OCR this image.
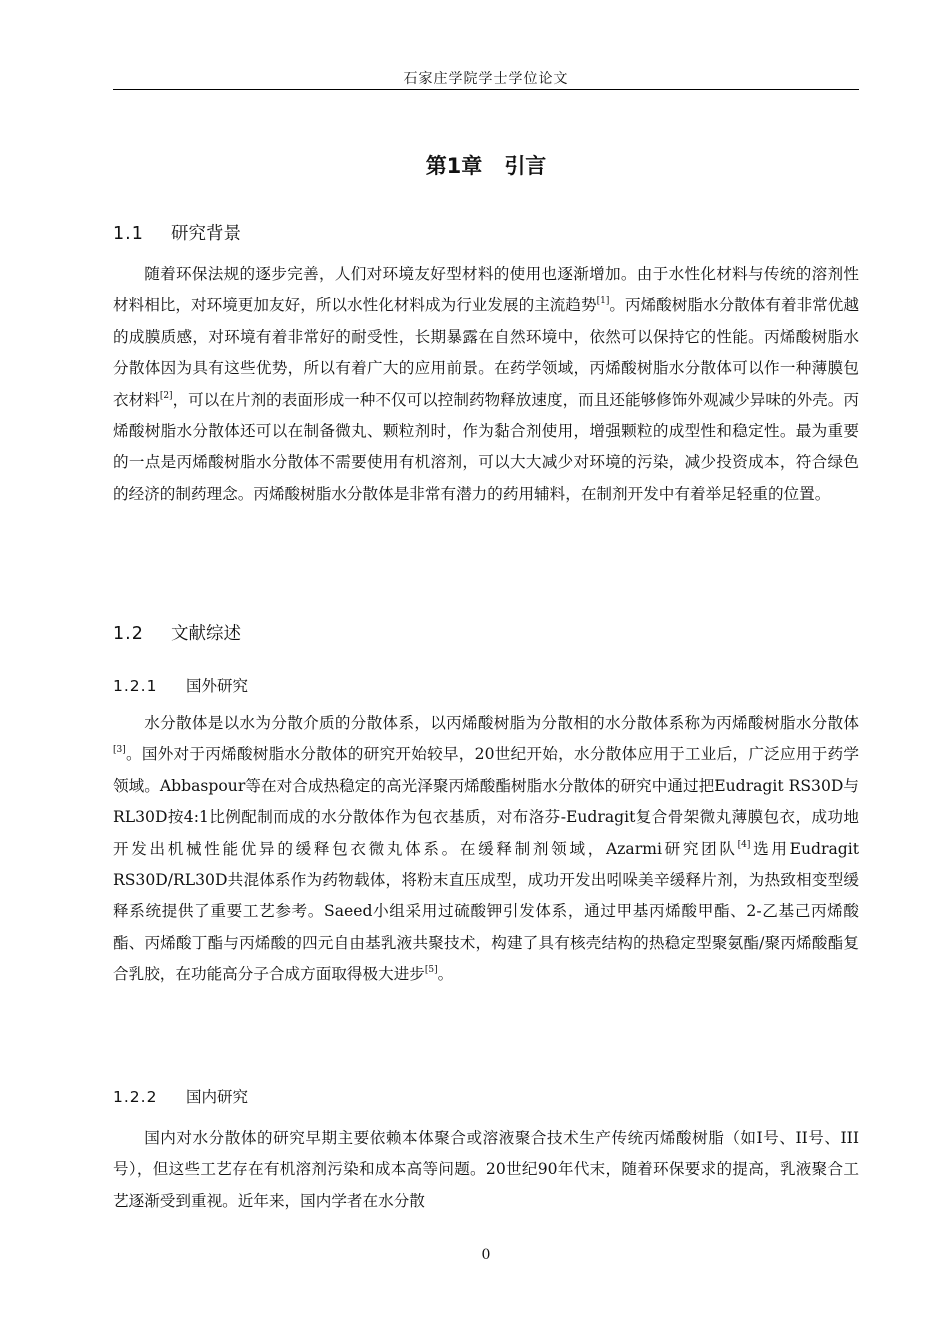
石家庄学院学士学位论文
第1章 引言
1.1 研究背景

随着环保法规的逐步完善，人们对环境友好型材料的使用也逐渐增加。由于水性化材料与传统的溶剂性材料相比，对环境更加友好，所以水性化材料成为行业发展的主流趋势[1]。丙烯酸树脂水分散体有着非常优越的成膜质感，对环境有着非常好的耐受性，长期暴露在自然环境中，依然可以保持它的性能。丙烯酸树脂水分散体因为具有这些优势，所以有着广大的应用前景。在药学领域，丙烯酸树脂水分散体可以作一种薄膜包衣材料[2]，可以在片剂的表面形成一种不仅可以控制药物释放速度，而且还能够修饰外观减少异味的外壳。丙烯酸树脂水分散体还可以在制备微丸、颗粒剂时，作为黏合剂使用，增强颗粒的成型性和稳定性。最为重要的一点是丙烯酸树脂水分散体不需要使用有机溶剂，可以大大减少对环境的污染，减少投资成本，符合绿色的经济的制药理念。丙烯酸树脂水分散体是非常有潜力的药用辅料，在制剂开发中有着举足轻重的位置。

1.2 文献综述
1.2.1 国外研究

水分散体是以水为分散介质的分散体系，以丙烯酸树脂为分散相的水分散体系称为丙烯酸树脂水分散体[3]。国外对于丙烯酸树脂水分散体的研究开始较早，20世纪开始，水分散体应用于工业后，广泛应用于药学领域。Abbaspour等在对合成热稳定的高光泽聚丙烯酸酯树脂水分散体的研究中通过把Eudragit RS30D与RL30D按4:1比例配制而成的水分散体作为包衣基质，对布洛芬-Eudragit复合骨架微丸薄膜包衣，成功地开发出机械性能优异的缓释包衣微丸体系。在缓释制剂领域，Azarmi研究团队[4]选用Eudragit RS30D/RL30D共混体系作为药物载体，将粉末直压成型，成功开发出吲哚美辛缓释片剂，为热致相变型缓释系统提供了重要工艺参考。Saeed小组采用过硫酸钾引发体系，通过甲基丙烯酸甲酯、2-乙基己丙烯酸酯、丙烯酸丁酯与丙烯酸的四元自由基乳液共聚技术，构建了具有核壳结构的热稳定型聚氨酯/聚丙烯酸酯复合乳胶，在功能高分子合成方面取得极大进步[5]。

1.2.2 国内研究

国内对水分散体的研究早期主要依赖本体聚合或溶液聚合技术生产传统丙烯酸树脂（如I号、II号、III号），但这些工艺存在有机溶剂污染和成本高等问题。20世纪90年代末，随着环保要求的提高，乳液聚合工艺逐渐受到重视。近年来，国内学者在水分散

0
